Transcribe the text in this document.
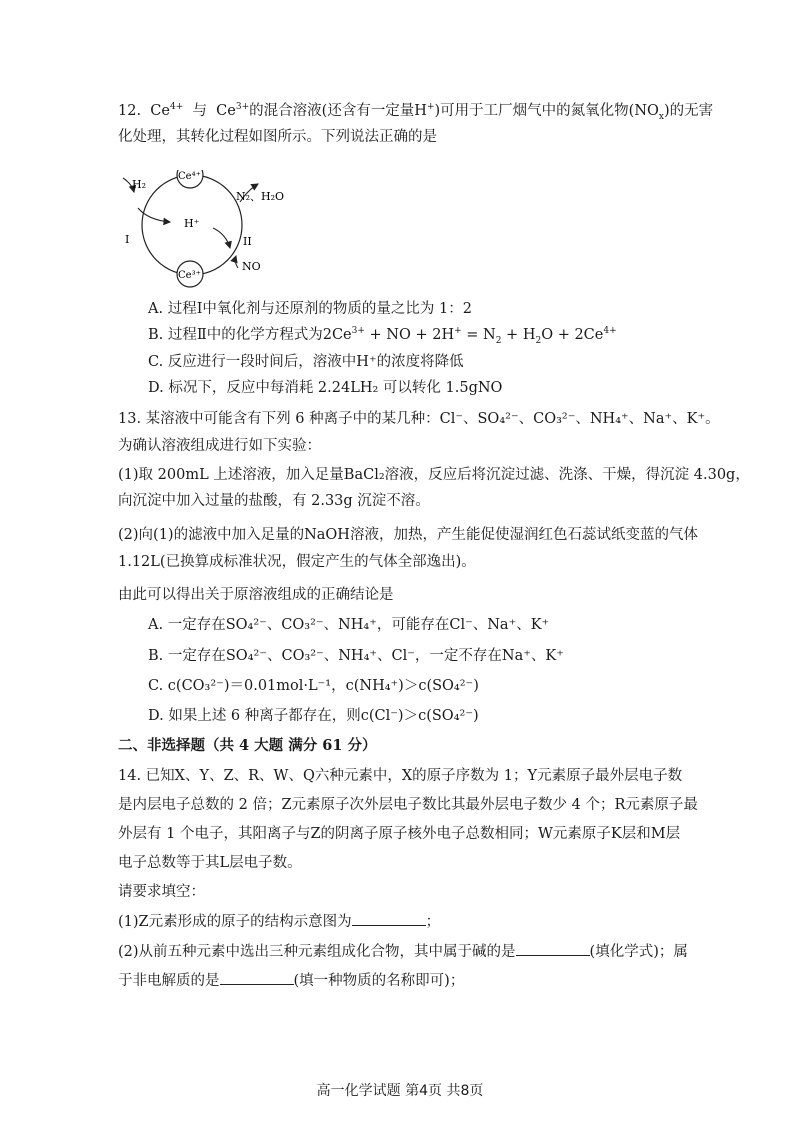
12.  $Ce^{4+}$ 与  $Ce^{3+}$的混合溶液(还含有一定量H+)可用于工厂烟气中的氮氧化物$(NO_x)$的无害
化处理，其转化过程如图所示。下列说法正确的是
Ce⁴⁺
Ce³⁺
H₂
H⁺
N₂、H₂O
I	II
NO
A. 过程Ⅰ中氧化剂与还原剂的物质的量之比为 1：2
B. 过程Ⅱ中的化学方程式为$2Ce^{3+}$ + NO + $2H^+ = N_2 + H_2O + 2Ce^{4+}$
C. 反应进行一段时间后，溶液中H⁺的浓度将降低
D. 标况下，反应中每消耗 2.24LH₂ 可以转化 1.5gNO
13. 某溶液中可能含有下列 6 种离子中的某几种：Cl⁻、SO₄²⁻、CO₃²⁻、NH₄⁺、Na⁺、K⁺。
为确认溶液组成进行如下实验：
(1)取 200mL 上述溶液，加入足量BaCl₂溶液，反应后将沉淀过滤、洗涤、干燥，得沉淀 4.30g，
向沉淀中加入过量的盐酸，有 2.33g 沉淀不溶。
(2)向(1)的滤液中加入足量的NaOH溶液，加热，产生能促使湿润红色石蕊试纸变蓝的气体
1.12L(已换算成标准状况，假定产生的气体全部逸出)。
由此可以得出关于原溶液组成的正确结论是
A. 一定存在SO₄²⁻、CO₃²⁻、NH₄⁺，可能存在Cl⁻、Na⁺、K⁺
B. 一定存在SO₄²⁻、CO₃²⁻、NH₄⁺、Cl⁻，一定不存在Na⁺、K⁺
C. c(CO₃²⁻)＝0.01mol·L⁻¹，c(NH₄⁺)＞c(SO₄²⁻)
D. 如果上述 6 种离子都存在，则c(Cl⁻)＞c(SO₄²⁻)
二、非选择题（共 4 大题 满分 61 分）
14. 已知X、Y、Z、R、W、Q六种元素中，X的原子序数为 1；Y元素原子最外层电子数
是内层电子总数的 2 倍；Z元素原子次外层电子数比其最外层电子数少 4 个；R元素原子最
外层有 1 个电子，其阳离子与Z的阴离子原子核外电子总数相同；W元素原子K层和M层
电子总数等于其L层电子数。
请要求填空：
(1)Z元素形成的原子的结构示意图为	；
(2)从前五种元素中选出三种元素组成化合物，其中属于碱的是	(填化学式)；属
于非电解质的是	(填一种物质的名称即可)；
高一化学试题 第4页 共8页
